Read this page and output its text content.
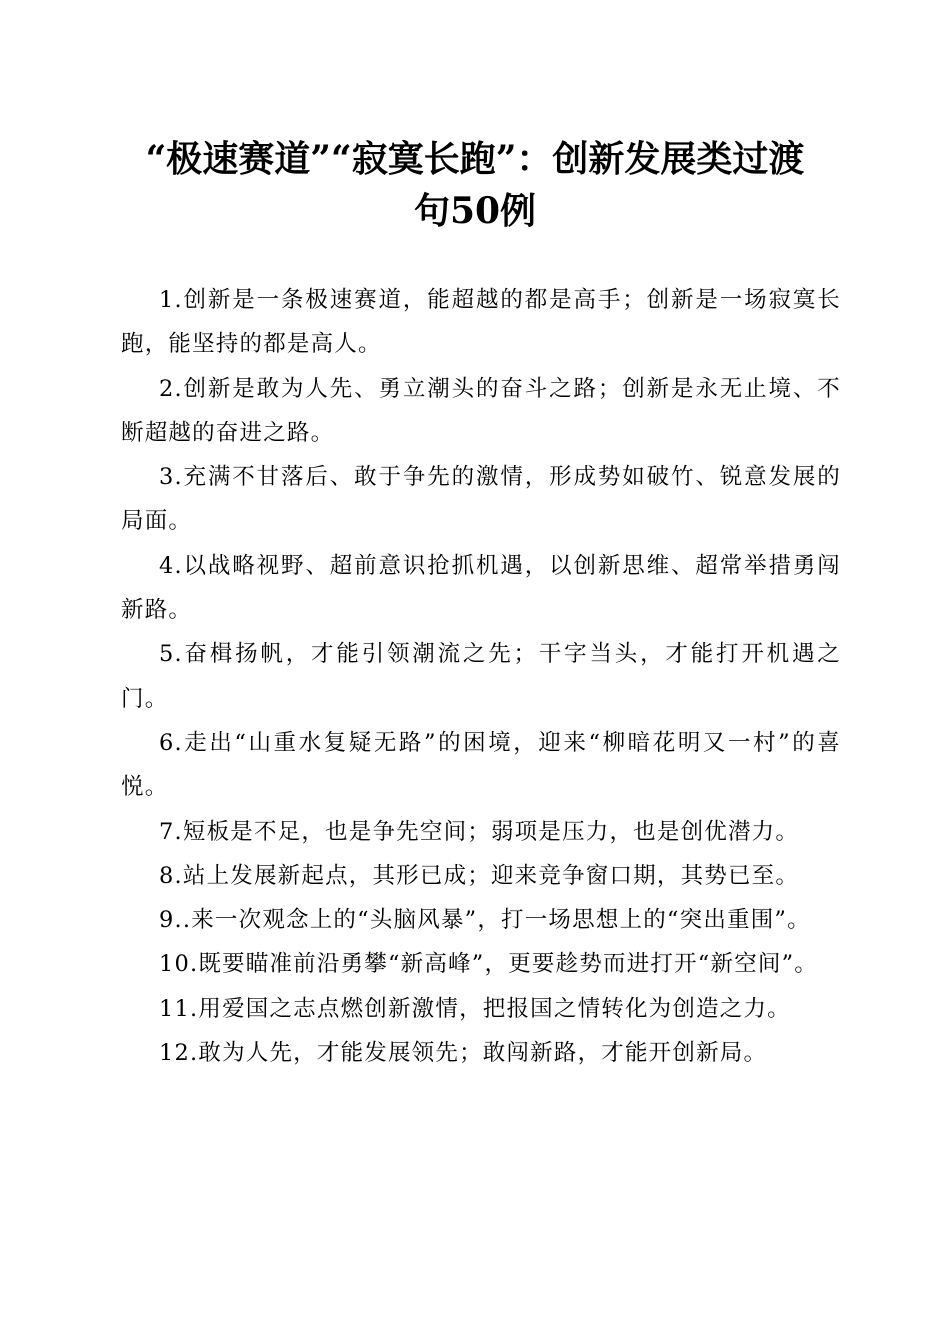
“极速赛道”“寂寞长跑”：创新发展类过渡
句50例

1.创新是一条极速赛道，能超越的都是高手；创新是一场寂寞长跑，能坚持的都是高人。

2.创新是敢为人先、勇立潮头的奋斗之路；创新是永无止境、不断超越的奋进之路。

3.充满不甘落后、敢于争先的激情，形成势如破竹、锐意发展的局面。

4.以战略视野、超前意识抢抓机遇，以创新思维、超常举措勇闯新路。

5.奋楫扬帆，才能引领潮流之先；干字当头，才能打开机遇之门。

6.走出“山重水复疑无路”的困境，迎来“柳暗花明又一村”的喜悦。

7.短板是不足，也是争先空间；弱项是压力，也是创优潜力。

8.站上发展新起点，其形已成；迎来竞争窗口期，其势已至。

9..来一次观念上的“头脑风暴”，打一场思想上的“突出重围”。

10.既要瞄准前沿勇攀“新高峰”，更要趁势而进打开“新空间”。

11.用爱国之志点燃创新激情，把报国之情转化为创造之力。

12.敢为人先，才能发展领先；敢闯新路，才能开创新局。
